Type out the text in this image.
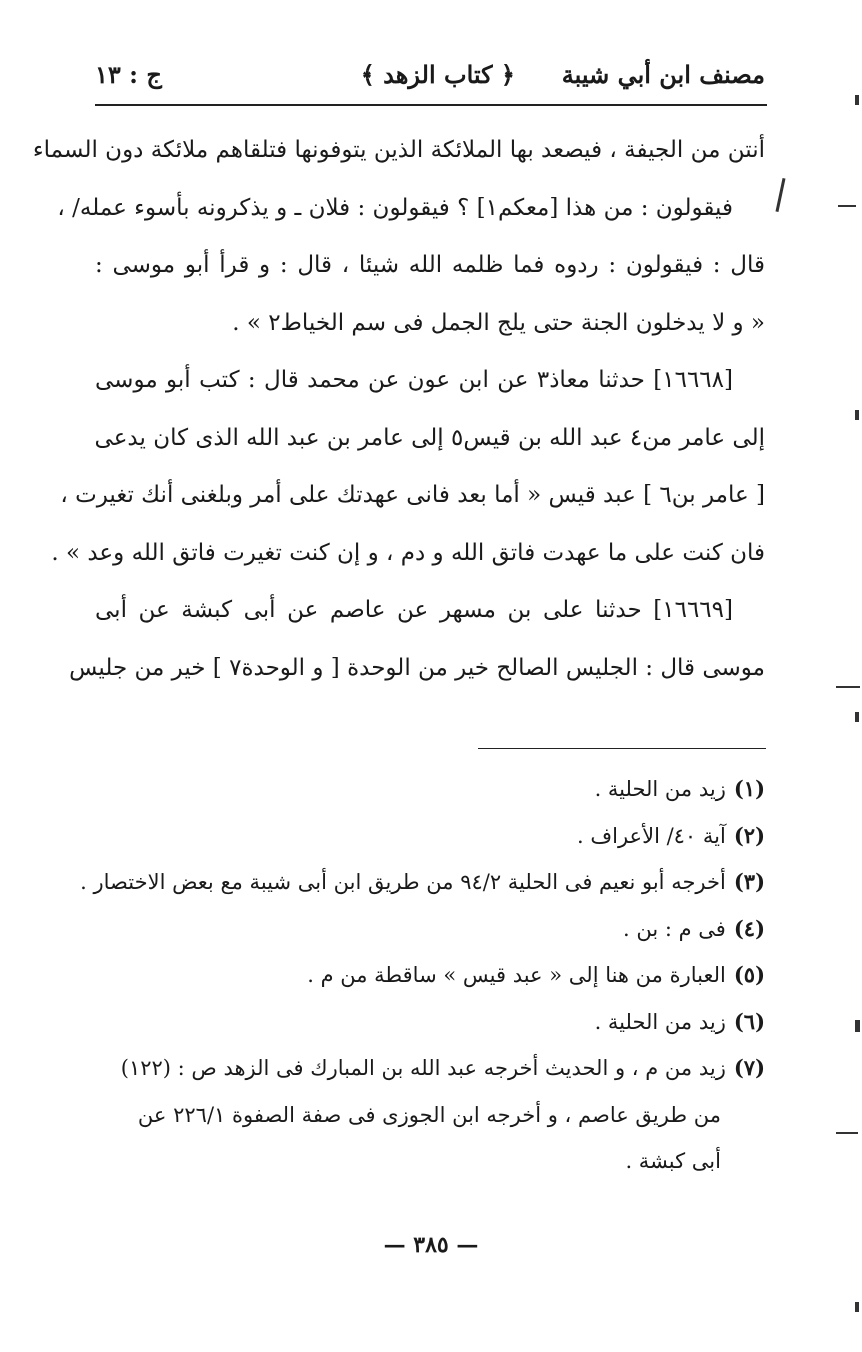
مصنف ابن أبي شيبة
﴿ كتاب الزهد ﴾
ج : ١٣

أنتن من الجيفة ، فيصعد بها الملائكة الذين يتوفونها فتلقاهم ملائكة دون السماء

فيقولون : من هذا [معكم١] ؟ فيقولون : فلان ـ و يذكرونه بأسوء عمله/ ،

قال : فيقولون : ردوه فما ظلمه الله شيئا ، قال : و قرأ أبو موسى :

« و لا يدخلون الجنة حتى يلج الجمل فى سم الخياط٢ » .

[١٦٦٦٨] حدثنا معاذ٣ عن ابن عون عن محمد قال : كتب أبو موسى

إلى عامر من٤ عبد الله بن قيس٥ إلى عامر بن عبد الله الذى كان يدعى

[ عامر بن٦ ] عبد قيس « أما بعد فانى عهدتك على أمر وبلغنى أنك تغيرت ،

فان كنت على ما عهدت فاتق الله و دم ، و إن كنت تغيرت فاتق الله وعد » .

[١٦٦٦٩] حدثنا على بن مسهر عن عاصم عن أبى كبشة عن أبى

موسى قال : الجليس الصالح خير من الوحدة [ و الوحدة٧ ] خير من جليس

(١)زيد من الحلية .
(٢)آية ٤٠/ الأعراف .
(٣)أخرجه أبو نعيم فى الحلية ٩٤/٢ من طريق ابن أبى شيبة مع بعض الاختصار .
(٤)فى م : بن .
(٥)العبارة من هنا إلى « عبد قيس » ساقطة من م .
(٦)زيد من الحلية .
(٧)زيد من م ، و الحديث أخرجه عبد الله بن المبارك فى الزهد ص : (١٢٢)
من طريق عاصم ، و أخرجه ابن الجوزى فى صفة الصفوة ٢٢٦/١ عن
أبى كبشة .
— ٣٨٥ —
